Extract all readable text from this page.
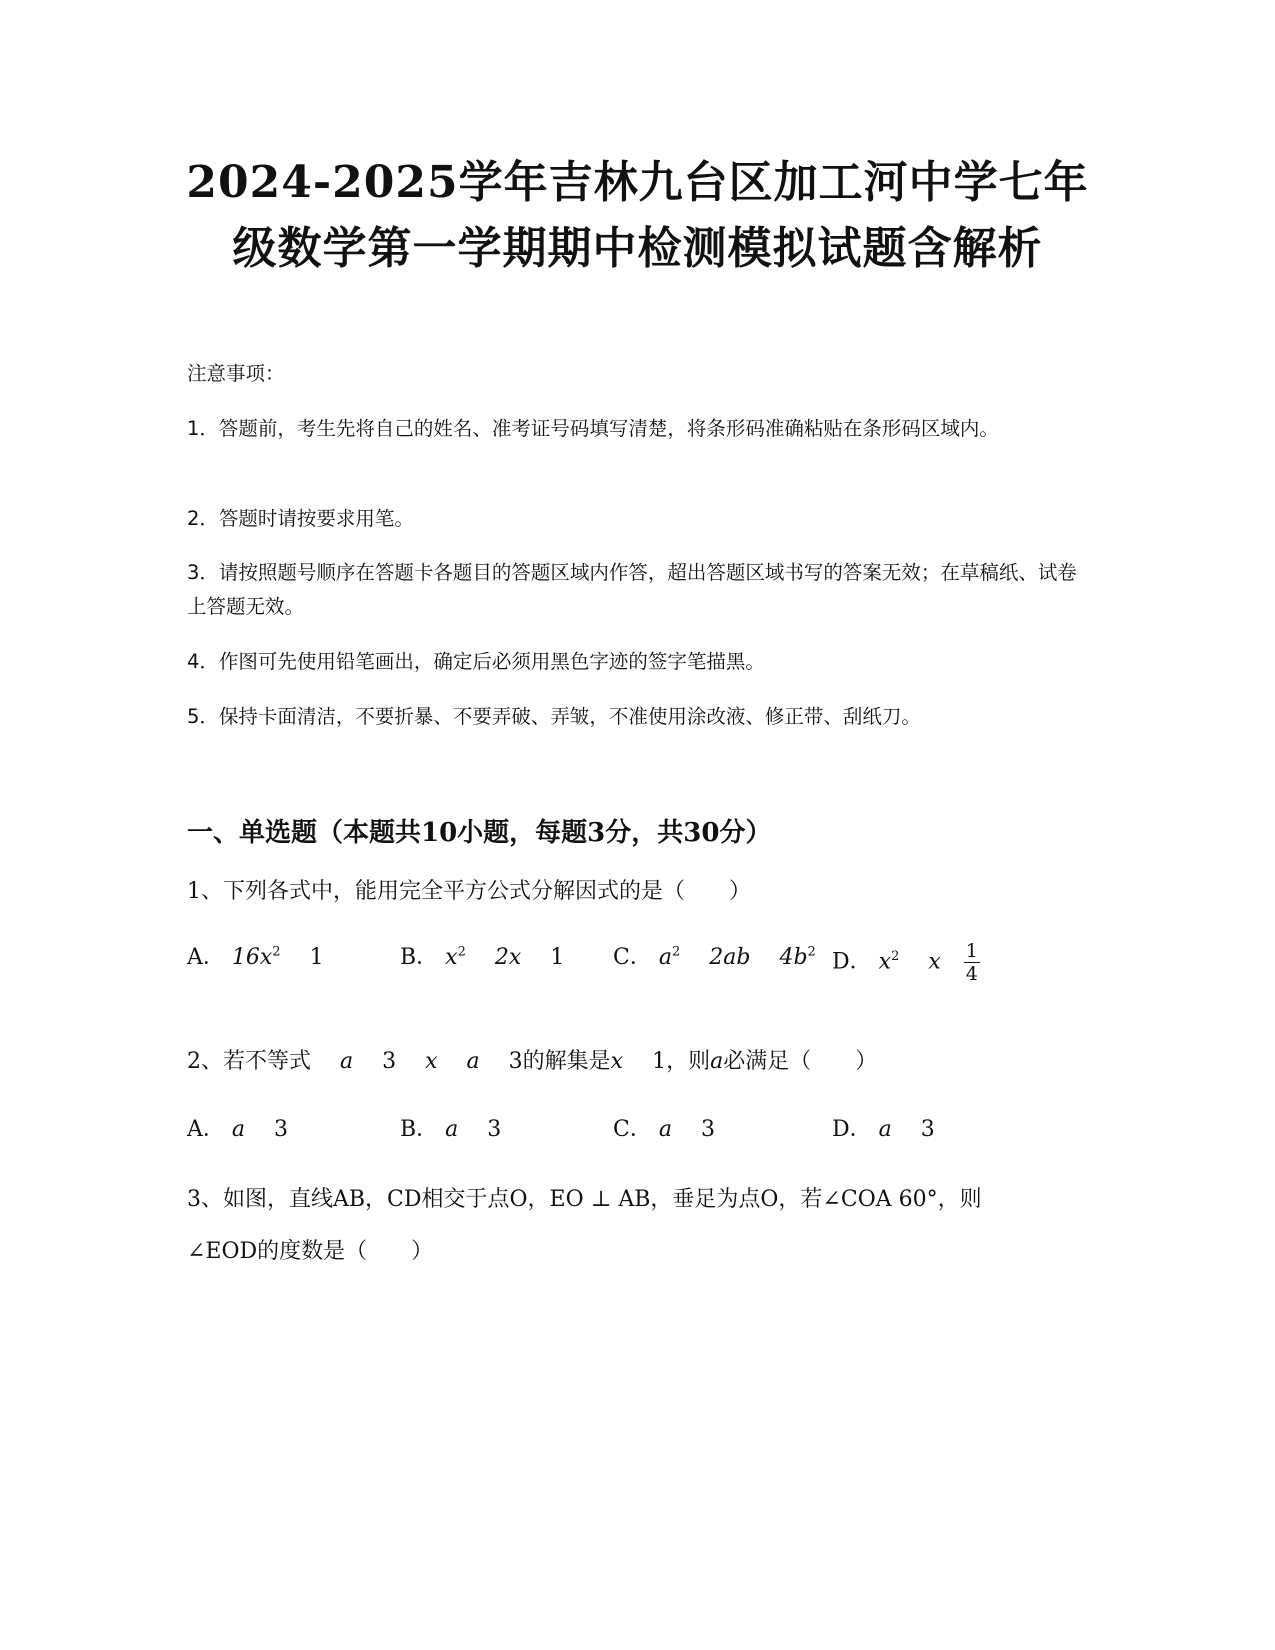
2024-2025学年吉林九台区加工河中学七年
级数学第一学期期中检测模拟试题含解析
注意事项：
1．答题前，考生先将自己的姓名、准考证号码填写清楚，将条形码准确粘贴在条形码区域内。
2．答题时请按要求用笔。
3．请按照题号顺序在答题卡各题目的答题区域内作答，超出答题区域书写的答案无效；在草稿纸、试卷上答题无效。
4．作图可先使用铅笔画出，确定后必须用黑色字迹的签字笔描黑。
5．保持卡面清洁，不要折暴、不要弄破、弄皱，不准使用涂改液、修正带、刮纸刀。
一、单选题（本题共10小题，每题3分，共30分）
1、下列各式中，能用完全平方公式分解因式的是（　　）
A． $16x^2$ 1	B． $x^2$ 2x 1 C． $a^2$ 2ab $4b^2$ D． $x^2$ x $\frac{1}{4}$
2、若不等式 a 3 x a 3的解集是x 1，则a必满足（　　）
A． a 3	B． a 3	C． a 3	D． a 3
3、如图，直线AB，CD相交于点O，EO ⊥ AB，垂足为点O，若∠COA 60°，则
∠EOD的度数是（　　）
